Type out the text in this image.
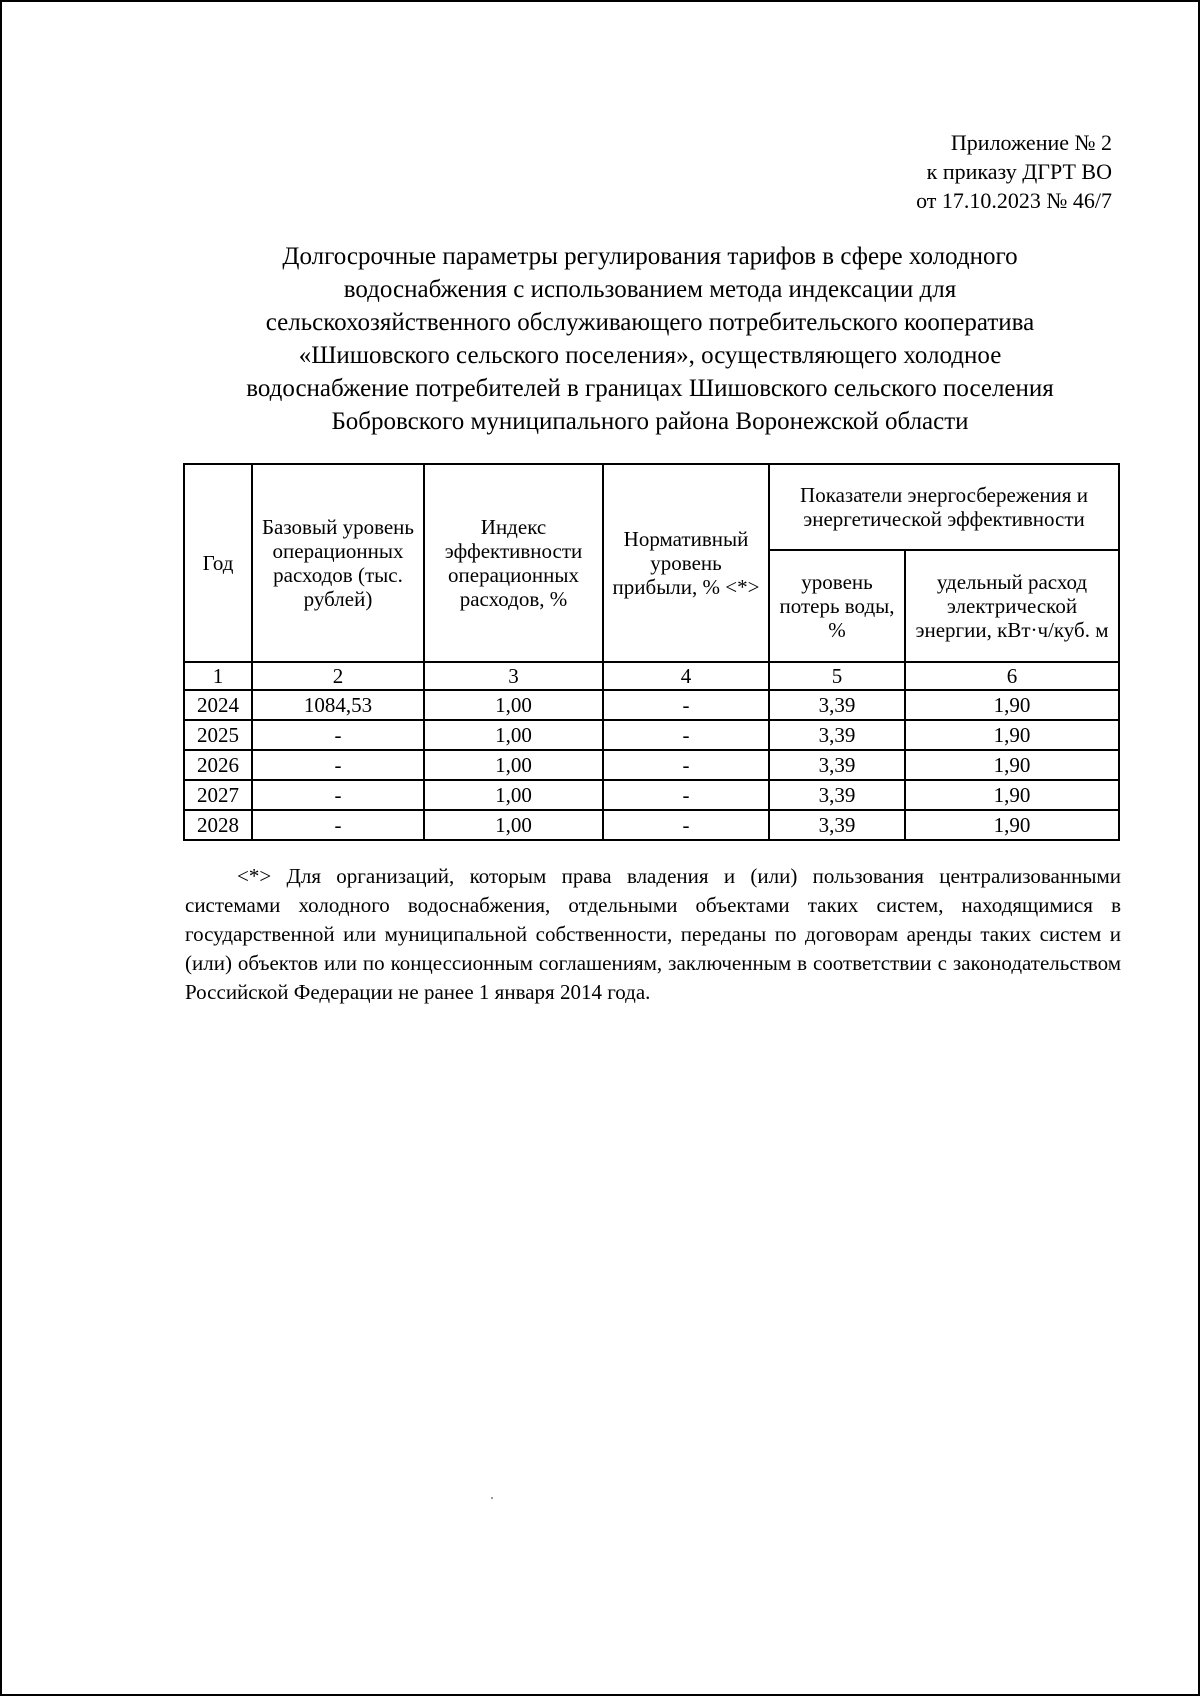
Приложение № 2
к приказу ДГРТ ВО
от 17.10.2023 № 46/7
Долгосрочные параметры регулирования тарифов в сфере холодного
водоснабжения с использованием метода индексации для
сельскохозяйственного обслуживающего потребительского кооператива
«Шишовского сельского поселения», осуществляющего холодное
водоснабжение потребителей в границах Шишовского сельского поселения
Бобровского муниципального района Воронежской области
Год	Базовый уровень операционных расходов (тыс. рублей)	Индекс эффективности операционных расходов, %	Нормативный уровень прибыли, % <*>	Показатели энергосбережения и энергетической эффективности	
				уровень потерь воды, %	удельный расход электрической энергии, кВт·ч/куб. м
1	2	3	4	5	6
2024	1084,53	1,00	-	3,39	1,90
2025	-	1,00	-	3,39	1,90
2026	-	1,00	-	3,39	1,90
2027	-	1,00	-	3,39	1,90
2028	-	1,00	-	3,39	1,90
<*> Для организаций, которым права владения и (или) пользования централизованными системами холодного водоснабжения, отдельными объектами таких систем, находящимися в государственной или муниципальной собственности, переданы по договорам аренды таких систем и (или) объектов или по концессионным соглашениям, заключенным в соответствии с законодательством Российской Федерации не ранее 1 января 2014 года.
